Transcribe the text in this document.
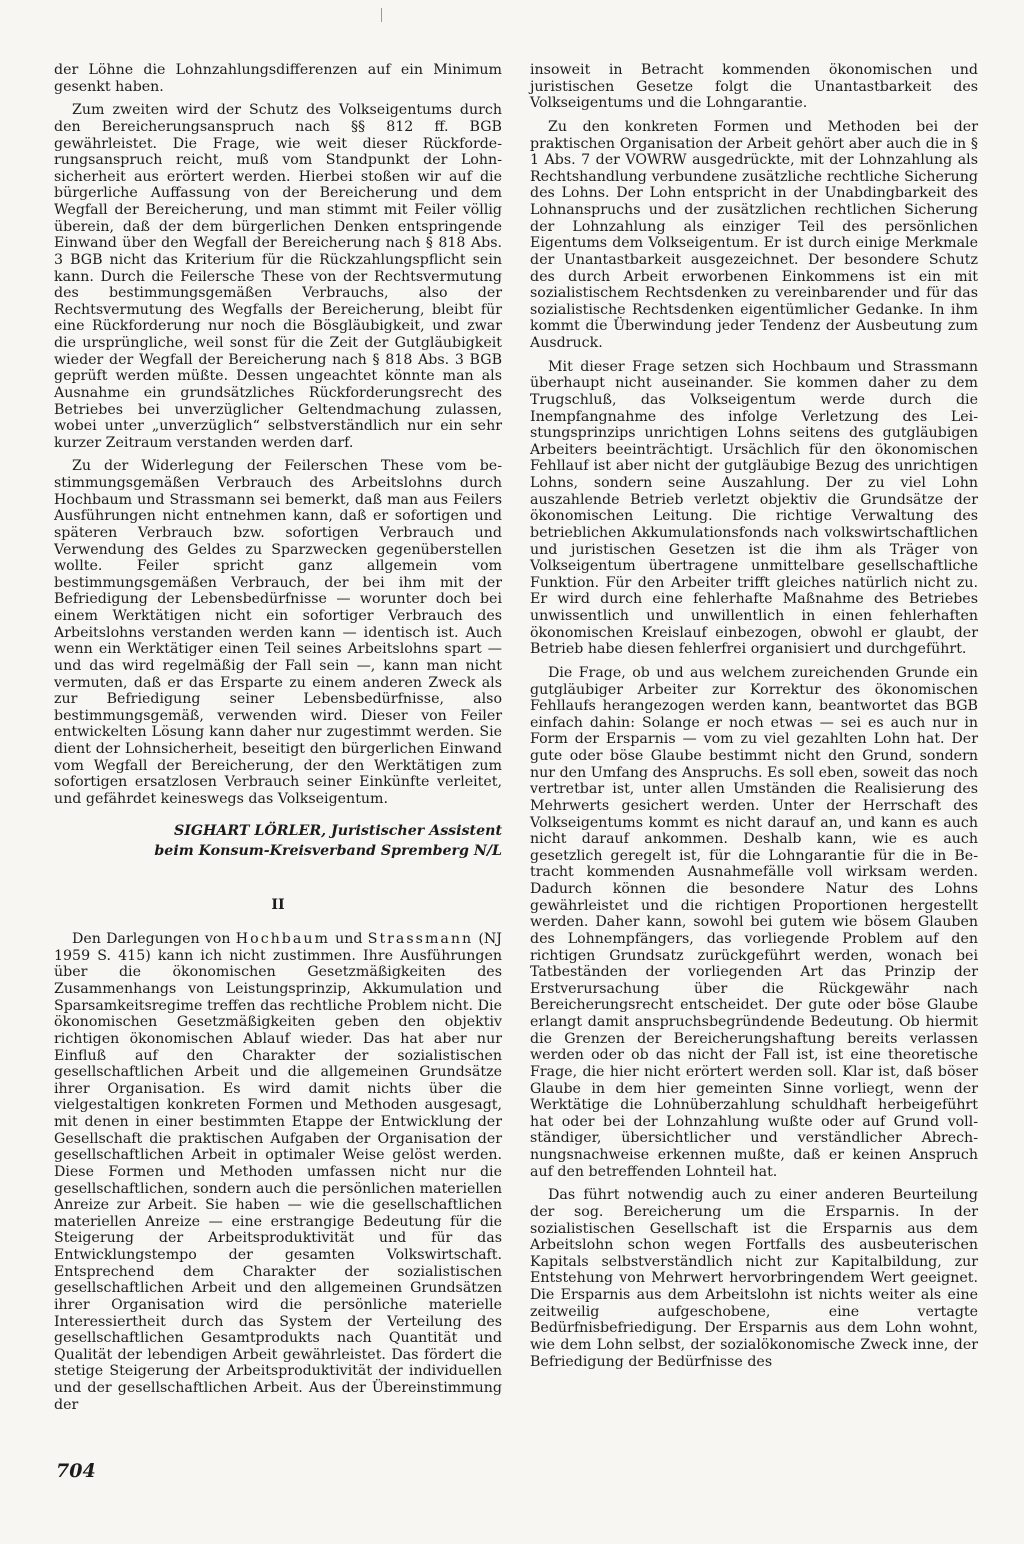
der Löhne die Lohnzahlungsdifferenzen auf ein Minimum gesenkt haben.

Zum zweiten wird der Schutz des Volkseigentums durch den Bereicherungsanspruch nach §§ 812 ff. BGB gewährleistet. Die Frage, wie weit dieser Rückforderungsanspruch reicht, muß vom Standpunkt der Lohnsicherheit aus erörtert werden. Hierbei stoßen wir auf die bürgerliche Auffassung von der Bereicherung und dem Wegfall der Bereicherung, und man stimmt mit Feiler völlig überein, daß der dem bürgerlichen Denken entspringende Einwand über den Wegfall der Bereicherung nach § 818 Abs. 3 BGB nicht das Kriterium für die Rückzahlungspflicht sein kann. Durch die Feilersche These von der Rechtsvermutung des bestimmungsgemäßen Verbrauchs, also der Rechtsvermutung des Wegfalls der Bereicherung, bleibt für eine Rückforderung nur noch die Bösgläubigkeit, und zwar die ursprüngliche, weil sonst für die Zeit der Gutgläubigkeit wieder der Wegfall der Bereicherung nach § 818 Abs. 3 BGB geprüft werden müßte. Dessen ungeachtet könnte man als Ausnahme ein grundsätzliches Rückforderungsrecht des Betriebes bei unverzüglicher Geltendmachung zulassen, wobei unter „unverzüglich“ selbstverständlich nur ein sehr kurzer Zeitraum verstanden werden darf.

Zu der Widerlegung der Feilerschen These vom bestimmungsgemäßen Verbrauch des Arbeitslohns durch Hochbaum und Strassmann sei bemerkt, daß man aus Feilers Ausführungen nicht entnehmen kann, daß er sofortigen und späteren Verbrauch bzw. sofortigen Verbrauch und Verwendung des Geldes zu Sparzwecken gegenüberstellen wollte. Feiler spricht ganz allgemein vom bestimmungsgemäßen Verbrauch, der bei ihm mit der Befriedigung der Lebensbedürfnisse — worunter doch bei einem Werktätigen nicht ein sofortiger Verbrauch des Arbeitslohns verstanden werden kann — identisch ist. Auch wenn ein Werktätiger einen Teil seines Arbeitslohns spart — und das wird regelmäßig der Fall sein —, kann man nicht vermuten, daß er das Ersparte zu einem anderen Zweck als zur Befriedigung seiner Lebensbedürfnisse, also bestimmungsgemäß, verwenden wird. Dieser von Feiler entwickelten Lösung kann daher nur zugestimmt werden. Sie dient der Lohnsicherheit, beseitigt den bürgerlichen Einwand vom Wegfall der Bereicherung, der den Werktätigen zum sofortigen ersatzlosen Verbrauch seiner Einkünfte verleitet, und gefährdet keineswegs das Volkseigentum.

SIGHART LÖRLER, Juristischer Assistent
beim Konsum-Kreisverband Spremberg N/L
II

Den Darlegungen von Hochbaum und Strassmann (NJ 1959 S. 415) kann ich nicht zustimmen. Ihre Ausführungen über die ökonomischen Gesetzmäßigkeiten des Zusammenhangs von Leistungsprinzip, Akkumulation und Sparsamkeitsregime treffen das rechtliche Problem nicht. Die ökonomischen Gesetzmäßigkeiten geben den objektiv richtigen ökonomischen Ablauf wieder. Das hat aber nur Einfluß auf den Charakter der sozialistischen gesellschaftlichen Arbeit und die allgemeinen Grundsätze ihrer Organisation. Es wird damit nichts über die vielgestaltigen konkreten Formen und Methoden ausgesagt, mit denen in einer bestimmten Etappe der Entwicklung der Gesellschaft die praktischen Aufgaben der Organisation der gesellschaftlichen Arbeit in optimaler Weise gelöst werden. Diese Formen und Methoden umfassen nicht nur die gesellschaftlichen, sondern auch die persönlichen materiellen Anreize zur Arbeit. Sie haben — wie die gesellschaftlichen materiellen Anreize — eine erstrangige Bedeutung für die Steigerung der Arbeitsproduktivität und für das Entwicklungstempo der gesamten Volkswirtschaft. Entsprechend dem Charakter der sozialistischen gesellschaftlichen Arbeit und den allgemeinen Grundsätzen ihrer Organisation wird die persönliche materielle Interessiertheit durch das System der Verteilung des gesellschaftlichen Gesamtprodukts nach Quantität und Qualität der lebendigen Arbeit gewährleistet. Das fördert die stetige Steigerung der Arbeitsproduktivität der individuellen und der gesellschaftlichen Arbeit. Aus der Übereinstimmung der

insoweit in Betracht kommenden ökonomischen und juristischen Gesetze folgt die Unantastbarkeit des Volkseigentums und die Lohngarantie.

Zu den konkreten Formen und Methoden bei der praktischen Organisation der Arbeit gehört aber auch die in § 1 Abs. 7 der VOWRW ausgedrückte, mit der Lohnzahlung als Rechtshandlung verbundene zusätzliche rechtliche Sicherung des Lohns. Der Lohn entspricht in der Unabdingbarkeit des Lohnanspruchs und der zusätzlichen rechtlichen Sicherung der Lohnzahlung als einziger Teil des persönlichen Eigentums dem Volkseigentum. Er ist durch einige Merkmale der Unantastbarkeit ausgezeichnet. Der besondere Schutz des durch Arbeit erworbenen Einkommens ist ein mit sozialistischem Rechtsdenken zu vereinbarender und für das sozialistische Rechtsdenken eigentümlicher Gedanke. In ihm kommt die Überwindung jeder Tendenz der Ausbeutung zum Ausdruck.

Mit dieser Frage setzen sich Hochbaum und Strassmann überhaupt nicht auseinander. Sie kommen daher zu dem Trugschluß, das Volkseigentum werde durch die Inempfangnahme des infolge Verletzung des Leistungsprinzips unrichtigen Lohns seitens des gutgläubigen Arbeiters beeinträchtigt. Ursächlich für den ökonomischen Fehllauf ist aber nicht der gutgläubige Bezug des unrichtigen Lohns, sondern seine Auszahlung. Der zu viel Lohn auszahlende Betrieb verletzt objektiv die Grundsätze der ökonomischen Leitung. Die richtige Verwaltung des betrieblichen Akkumulationsfonds nach volkswirtschaftlichen und juristischen Gesetzen ist die ihm als Träger von Volkseigentum übertragene unmittelbare gesellschaftliche Funktion. Für den Arbeiter trifft gleiches natürlich nicht zu. Er wird durch eine fehlerhafte Maßnahme des Betriebes unwissentlich und unwillentlich in einen fehlerhaften ökonomischen Kreislauf einbezogen, obwohl er glaubt, der Betrieb habe diesen fehlerfrei organisiert und durchgeführt.

Die Frage, ob und aus welchem zureichenden Grunde ein gutgläubiger Arbeiter zur Korrektur des ökonomischen Fehllaufs herangezogen werden kann, beantwortet das BGB einfach dahin: Solange er noch etwas — sei es auch nur in Form der Ersparnis — vom zu viel gezahlten Lohn hat. Der gute oder böse Glaube bestimmt nicht den Grund, sondern nur den Umfang des Anspruchs. Es soll eben, soweit das noch vertretbar ist, unter allen Umständen die Realisierung des Mehrwerts gesichert werden. Unter der Herrschaft des Volkseigentums kommt es nicht darauf an, und kann es auch nicht darauf ankommen. Deshalb kann, wie es auch gesetzlich geregelt ist, für die Lohngarantie für die in Betracht kommenden Ausnahmefälle voll wirksam werden. Dadurch können die besondere Natur des Lohns gewährleistet und die richtigen Proportionen hergestellt werden. Daher kann, sowohl bei gutem wie bösem Glauben des Lohnempfängers, das vorliegende Problem auf den richtigen Grundsatz zurückgeführt werden, wonach bei Tatbeständen der vorliegenden Art das Prinzip der Erstverursachung über die Rückgewähr nach Bereicherungsrecht entscheidet. Der gute oder böse Glaube erlangt damit anspruchsbegründende Bedeutung. Ob hiermit die Grenzen der Bereicherungshaftung bereits verlassen werden oder ob das nicht der Fall ist, ist eine theoretische Frage, die hier nicht erörtert werden soll. Klar ist, daß böser Glaube in dem hier gemeinten Sinne vorliegt, wenn der Werktätige die Lohnüberzahlung schuldhaft herbeigeführt hat oder bei der Lohnzahlung wußte oder auf Grund vollständiger, übersichtlicher und verständlicher Abrechnungsnachweise erkennen mußte, daß er keinen Anspruch auf den betreffenden Lohnteil hat.

Das führt notwendig auch zu einer anderen Beurteilung der sog. Bereicherung um die Ersparnis. In der sozialistischen Gesellschaft ist die Ersparnis aus dem Arbeitslohn schon wegen Fortfalls des ausbeuterischen Kapitals selbstverständlich nicht zur Kapitalbildung, zur Entstehung von Mehrwert hervorbringendem Wert geeignet. Die Ersparnis aus dem Arbeitslohn ist nichts weiter als eine zeitweilig aufgeschobene, eine vertagte Bedürfnisbefriedigung. Der Ersparnis aus dem Lohn wohnt, wie dem Lohn selbst, der sozialökonomische Zweck inne, der Befriedigung der Bedürfnisse des

704
